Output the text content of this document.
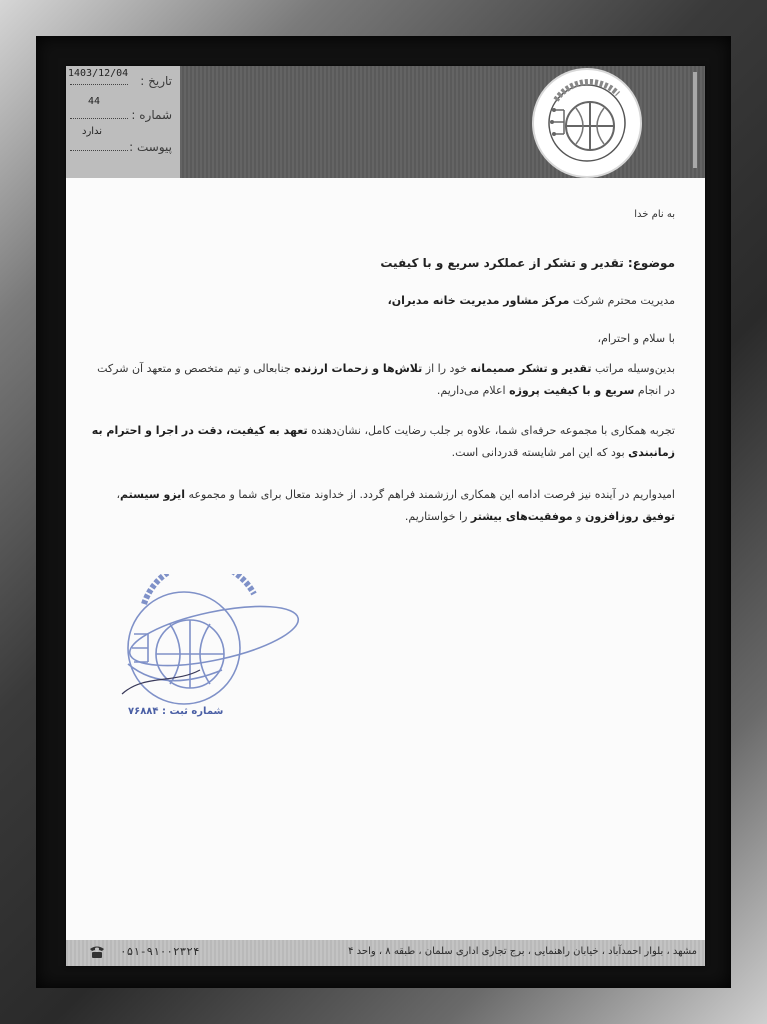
تاریخ :
1403/12/04
شماره :
44
پیوست :
ندارد
به نام خدا
موضوع: تقدیر و تشکر از عملکرد سریع و با کیفیت
مدیریت محترم شرکت مرکز مشاور مدیریت خانه مدیران،
با سلام و احترام،
بدین‌وسیله مراتب تقدیر و تشکر صمیمانه خود را از تلاش‌ها و زحمات ارزنده جنابعالی و تیم متخصص و متعهد آن شرکت در انجام سریع و با کیفیت پروژه اعلام می‌داریم.
تجربه همکاری با مجموعه حرفه‌ای شما، علاوه بر جلب رضایت کامل، نشان‌دهنده تعهد به کیفیت، دقت در اجرا و احترام به زمانبندی بود که این امر شایسته قدردانی است.
امیدواریم در آینده نیز فرصت ادامه این همکاری ارزشمند فراهم گردد. از خداوند متعال برای شما و مجموعه ایزو سیستم، توفیق روزافزون و موفقیت‌های بیشتر را خواستاریم.
شماره ثبت : ۷۶۸۸۴
مشهد ، بلوار احمدآباد ، خیابان راهنمایی ، برج تجاری اداری سلمان ، طبقه ۸ ، واحد ۴
۰۵۱-۹۱۰۰۲۳۲۴
